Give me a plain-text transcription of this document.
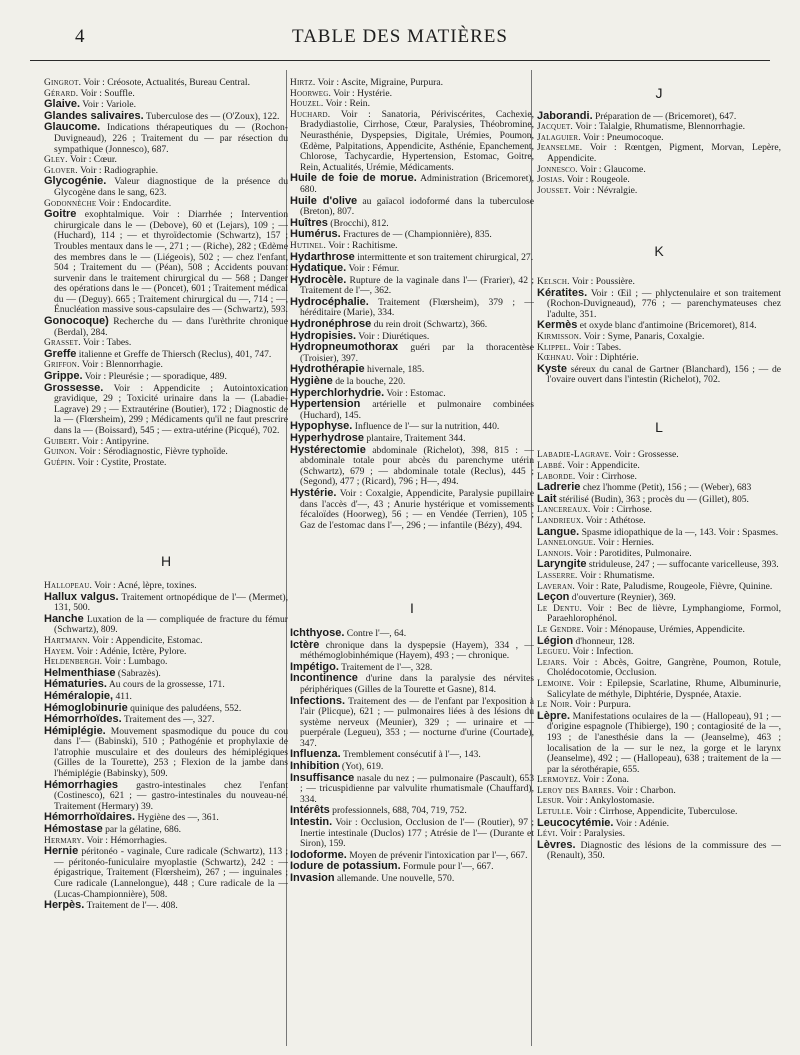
4	TABLE DES MATIÈRES

Gingrot. Voir : Créosote, Actualités, Bureau Central.

Gérard. Voir : Souffle.

Glaive. Voir : Variole.

Glandes salivaires. Tuberculose des — (O'Zoux), 122.

Glaucome. Indications thérapeutiques du — (Rochon-Duvigneaud), 226 ; Traitement du — par résection du sympathique (Jonnesco), 687.

Gley. Voir : Cœur.

Glover. Voir : Radiographie.

Glycogénie. Valeur diagnostique de la présence du Glycogène dans le sang, 623.

Godonnèche Voir : Endocardite.

Goitre exophtalmique. Voir : Diarrhée ; Intervention chirurgicale dans le — (Debove), 60 et (Lejars), 109 ; — (Huchard), 114 ; — et thyroïdectomie (Schwartz), 157 ; Troubles mentaux dans le —, 271 ; — (Riche), 282 ; Œdème des membres dans le — (Liégeois), 502 ; — chez l'enfant, 504 ; Traitement du — (Péan), 508 ; Accidents pouvant survenir dans le traitement chirurgical du — 568 ; Danger des opérations dans le — (Poncet), 601 ; Traitement médical du — (Deguy). 665 ; Traitement chirurgical du —, 714 ; —, Énucléation massive sous-capsulaire des — (Schwartz), 593.

Gonocoque) Recherche du — dans l'urèthrite chronique (Berdal), 284.

Grasset. Voir : Tabes.

Greffe italienne et Greffe de Thiersch (Reclus), 401, 747.

Griffon. Voir : Blennorrhagie.

Grippe. Voir : Pleurésie ; — sporadique, 489.

Grossesse. Voir : Appendicite ; Autointoxication gravidique, 29 ; Toxicité urinaire dans la — (Labadie-Lagrave) 29 ; — Extrautérine (Boutier), 172 ; Diagnostic de la — (Flœrsheim), 299 ; Médicaments qu'il ne faut prescrire dans la — (Boissard), 545 ; — extra-utérine (Picqué), 702.

Guibert. Voir : Antipyrine.

Guinon. Voir : Sérodiagnostic, Fièvre typhoïde.

Guépin. Voir : Cystite, Prostate.

H

Hallopeau. Voir : Acné, lèpre, toxines.

Hallux valgus. Traitement ortnopédique de l'— (Mermet), 131, 500.

Hanche Luxation de la — compliquée de fracture du fémur (Schwartz), 809.

Hartmann. Voir : Appendicite, Estomac.

Hayem. Voir : Adénie, Ictère, Pylore.

Heldenbergh. Voir : Lumbago.

Helmenthiase (Sabrazès).

Hématuries. Au cours de la grossesse, 171.

Héméralopie, 411.

Hémoglobinurie quinique des paludéens, 552.

Hémorrhoïdes. Traitement des —, 327.

Hémiplégie. Mouvement spasmodique du pouce du cou dans l'— (Babinski), 510 ; Pathogénie et prophylaxie de l'atrophie musculaire et des douleurs des hémiplégiques (Gilles de la Tourette), 253 ; Flexion de la jambe dans l'hémiplégie (Babinsky), 509.

Hémorrhagies gastro-intestinales chez l'enfant (Costinesco), 621 ; — gastro-intestinales du nouveau-né. Traitement (Hermary) 39.

Hémorrhoïdaires. Hygiène des —, 361.

Hémostase par la gélatine, 686.

Hermary. Voir : Hémorrhagies.

Hernie péritonéo - vaginale, Cure radicale (Schwartz), 113 ; — péritonéo-funiculaire myoplastie (Schwartz), 242 : — épigastrique, Traitement (Flœrsheim), 267 ; — inguinales ; Cure radicale (Lannelongue), 448 ; Cure radicale de la — (Lucas-Championnière), 508.

Herpès. Traitement de l'—. 408.

Hirtz. Voir : Ascite, Migraine, Purpura.

Hoorweg. Voir : Hystérie.

Houzel. Voir : Rein.

Huchard. Voir : Sanatoria, Périviscérites, Cachexie, Bradydiastolie, Cirrhose, Cœur, Paralysies, Théobromine, Neurasthénie, Dyspepsies, Digitale, Urémies, Poumon, Œdème, Palpitations, Appendicite, Asthénie, Epanchement, Chlorose, Tachycardie, Hypertension, Estomac, Goitre, Rein, Actualités, Urémie, Médicaments.

Huile de foie de morue. Administration (Bricemoret), 680.

Huile d'olive au gaïacol iodoformé dans la tuberculose (Breton), 807.

Huîtres (Brocchi), 812.

Humérus. Fractures de — (Championnière), 835.

Hutinel. Voir : Rachitisme.

Hydarthrose intermittente et son traitement chirurgical, 27.

Hydatique. Voir : Fémur.

Hydrocèle. Rupture de la vaginale dans l'— (Frarier), 42 ; Traitement de l'—, 362.

Hydrocéphalie. Traitement (Flœrsheim), 379 ; — héréditaire (Marie), 334.

Hydronéphrose du rein droit (Schwartz), 366.

Hydropisies. Voir : Diurétiques.

Hydropneumothorax guéri par la thoracentèse (Troisier), 397.

Hydrothérapie hivernale, 185.

Hygiène de la bouche, 220.

Hyperchlorhydrie. Voir : Estomac.

Hypertension artérielle et pulmonaire combinées (Huchard), 145.

Hypophyse. Influence de l'— sur la nutrition, 440.

Hyperhydrose plantaire, Traitement 344.

Hystérectomie abdominale (Richelot), 398, 815 : — abdominale totale pour abcès du parenchyme utérin (Schwartz), 679 ; — abdominale totale (Reclus), 445 ; (Segond), 477 ; (Ricard), 796 ; H—, 494.

Hystérie. Voir : Coxalgie, Appendicite, Paralysie pupillaire dans l'accès d'—, 43 ; Anurie hystérique et vomissements fécaloïdes (Hoorweg), 56 ; — en Vendée (Terrien), 105 ; Gaz de l'estomac dans l'—, 296 ; — infantile (Bézy), 494.

I

Ichthyose. Contre l'—, 64.

Ictère chronique dans la dyspepsie (Hayem), 334 , — méthémoglobinhémique (Hayem), 493 ; — chronique.

Impétigo. Traitement de l'—, 328.

Incontinence d'urine dans la paralysie des nérvites périphériques (Gilles de la Tourette et Gasne), 814.

Infections. Traitement des — de l'enfant par l'exposition à l'air (Plicque), 621 ; — pulmonaires liées à des lésions du système nerveux (Meunier), 329 ; — urinaire et — puerpérale (Legueu), 353 ; — nocturne d'urine (Courtade), 347.

Influenza. Tremblement consécutif à l'—, 143.

Inhibition (Yot), 619.

Insuffisance nasale du nez ; — pulmonaire (Pascault), 653 ; — tricuspidienne par valvulite rhumatismale (Chauffard), 334.

Intérêts professionnels, 688, 704, 719, 752.

Intestin. Voir : Occlusion, Occlusion de l'— (Routier), 97 ; Inertie intestinale (Duclos) 177 ; Atrésie de l'— (Durante et Siron), 159.

Iodoforme. Moyen de prévenir l'intoxication par l'—, 667.

Iodure de potassium. Formule pour l'—, 667.

Invasion allemande. Une nouvelle, 570.

J

Jaborandi. Préparation de — (Bricemoret), 647.

Jacquet. Voir : Talalgie, Rhumatisme, Blennorrhagie.

Jalaguier. Voir : Pneumocoque.

Jeanselme. Voir : Rœntgen, Pigment, Morvan, Lepère, Appendicite.

Jonnesco. Voir : Glaucome.

Josias. Voir : Rougeole.

Jousset. Voir : Névralgie.

K

Kelsch. Voir : Poussière.

Kératites. Voir : Œil ; — phlyctenulaire et son traitement (Rochon-Duvigneaud), 776 ; — parenchymateuses chez l'adulte, 351.

Kermès et oxyde blanc d'antimoine (Bricemoret), 814.

Kirmisson. Voir : Syme, Panaris, Coxalgie.

Klippel. Voir : Tabes.

Kœhnau. Voir : Diphtérie.

Kyste séreux du canal de Gartner (Blanchard), 156 ; — de l'ovaire ouvert dans l'intestin (Richelot), 702.

L

Labadie-Lagrave. Voir : Grossesse.

Labbé. Voir : Appendicite.

Laborde. Voir : Cirrhose.

Ladrerie chez l'homme (Petit), 156 ; — (Weber), 683

Lait stérilisé (Budin), 363 ; procès du — (Gillet), 805.

Lancereaux. Voir : Cirrhose.

Landrieux. Voir : Athétose.

Langue. Spasme idiopathique de la —, 143. Voir : Spasmes.

Lannelongue. Voir : Hernies.

Lannois. Voir : Parotidites, Pulmonaire.

Laryngite striduleuse, 247 ; — suffocante varicelleuse, 393.

Lasserre. Voir : Rhumatisme.

Laveran. Voir : Rate, Paludisme, Rougeole, Fièvre, Quinine.

Leçon d'ouverture (Reynier), 369.

Le Dentu. Voir : Bec de lièvre, Lymphangiome, Formol, Paraehlorophénol.

Le Gendre. Voir : Ménopause, Urémies, Appendicite.

Légion d'honneur, 128.

Legueu. Voir : Infection.

Lejars. Voir : Abcès, Goitre, Gangrène, Poumon, Rotule, Cholédocotomie, Occlusion.

Lemoine. Voir : Epilepsie, Scarlatine, Rhume, Albuminurie, Salicylate de méthyle, Diphtérie, Dyspnée, Ataxie.

Le Noir. Voir : Purpura.

Lèpre. Manifestations oculaires de la — (Hallopeau), 91 ; — d'origine espagnole (Thibierge), 190 ; contagiosité de la —, 193 ; de l'anesthésie dans la — (Jeanselme), 463 ; localisation de la — sur le nez, la gorge et le larynx (Jeanselme), 492 ; — (Hallopeau), 638 ; traitement de la — par la sérothérapie, 655.

Lermoyez. Voir : Zona.

Leroy des Barres. Voir : Charbon.

Lesur. Voir : Ankylostomasie.

Letulle. Voir : Cirrhose, Appendicite, Tuberculose.

Leucocytémie. Voir : Adénie.

Lévi. Voir : Paralysies.

Lèvres. Diagnostic des lésions de la commissure des — (Renault), 350.
